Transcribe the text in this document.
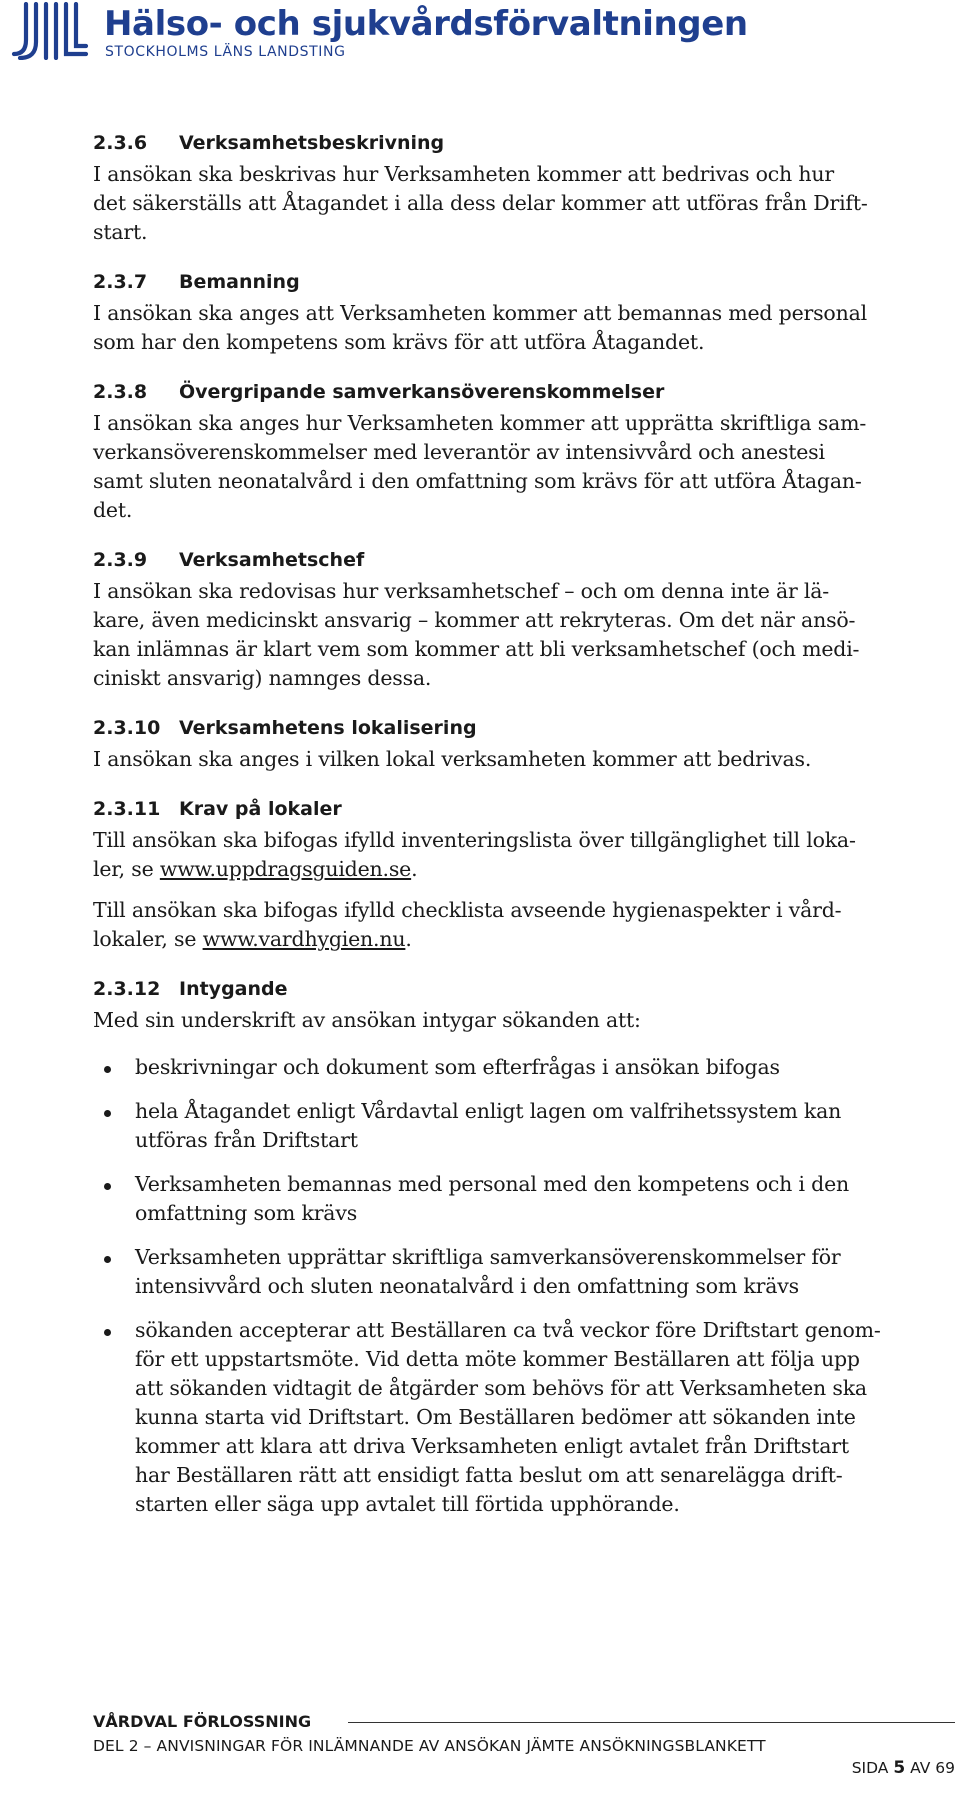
Hälso- och sjukvårdsförvaltningen
STOCKHOLMS LÄNS LANDSTING
2.3.6 Verksamhetsbeskrivning

I ansökan ska beskrivas hur Verksamheten kommer att bedrivas och hur
det säkerställs att Åtagandet i alla dess delar kommer att utföras från Drift-
start.

2.3.7 Bemanning

I ansökan ska anges att Verksamheten kommer att bemannas med personal
som har den kompetens som krävs för att utföra Åtagandet.

2.3.8 Övergripande samverkansöverenskommelser

I ansökan ska anges hur Verksamheten kommer att upprätta skriftliga sam-
verkansöverenskommelser med leverantör av intensivvård och anestesi
samt sluten neonatalvård i den omfattning som krävs för att utföra Åtagan-
det.

2.3.9 Verksamhetschef

I ansökan ska redovisas hur verksamhetschef – och om denna inte är lä-
kare, även medicinskt ansvarig – kommer att rekryteras. Om det när ansö-
kan inlämnas är klart vem som kommer att bli verksamhetschef (och medi-
ciniskt ansvarig) namnges dessa.

2.3.10 Verksamhetens lokalisering

I ansökan ska anges i vilken lokal verksamheten kommer att bedrivas.

2.3.11 Krav på lokaler

Till ansökan ska bifogas ifylld inventeringslista över tillgänglighet till loka-
ler, se www.uppdragsguiden.se.

Till ansökan ska bifogas ifylld checklista avseende hygienaspekter i vård-
lokaler, se www.vardhygien.nu.

2.3.12 Intygande

Med sin underskrift av ansökan intygar sökanden att:

beskrivningar och dokument som efterfrågas i ansökan bifogas
hela Åtagandet enligt Vårdavtal enligt lagen om valfrihetssystem kan
utföras från Driftstart
Verksamheten bemannas med personal med den kompetens och i den
omfattning som krävs
Verksamheten upprättar skriftliga samverkansöverenskommelser för
intensivvård och sluten neonatalvård i den omfattning som krävs
sökanden accepterar att Beställaren ca två veckor före Driftstart genom-
för ett uppstartsmöte. Vid detta möte kommer Beställaren att följa upp
att sökanden vidtagit de åtgärder som behövs för att Verksamheten ska
kunna starta vid Driftstart. Om Beställaren bedömer att sökanden inte
kommer att klara att driva Verksamheten enligt avtalet från Driftstart
har Beställaren rätt att ensidigt fatta beslut om att senarelägga drift-
starten eller säga upp avtalet till förtida upphörande.
VÅRDVAL FÖRLOSSNING
DEL 2 – ANVISNINGAR FÖR INLÄMNANDE AV ANSÖKAN JÄMTE ANSÖKNINGSBLANKETT
SIDA 5 AV 69
